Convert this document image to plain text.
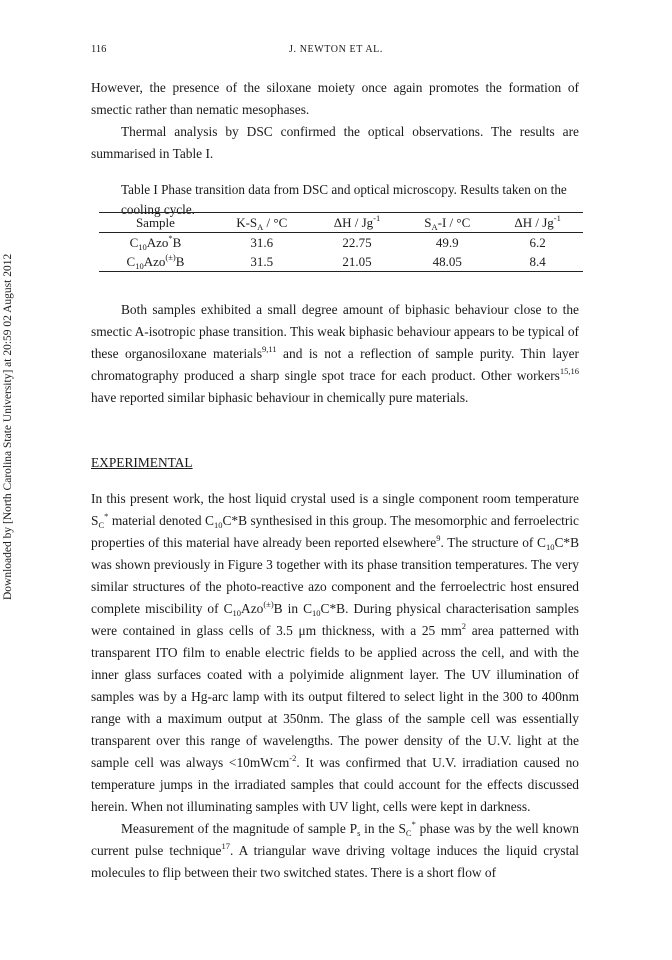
116	J. NEWTON ET AL.
Downloaded by [North Carolina State University] at 20:59 02 August 2012

However, the presence of the siloxane moiety once again promotes the formation of smectic rather than nematic mesophases.

Thermal analysis by DSC confirmed the optical observations. The results are summarised in Table I.

Table I Phase transition data from DSC and optical microscopy. Results taken on the cooling cycle.
Sample	$K-S_A / ^\circ C$	ΔH / $Jg^{-1}$	$S_A-I / ^\circ C$	ΔH / $Jg^{-1}$
$C_{10}Azo^*B$	31.6	22.75	49.9	6.2
$C_{10}Azo^{(\pm)}B$	31.5	21.05	48.05	8.4

Both samples exhibited a small degree amount of biphasic behaviour close to the smectic A-isotropic phase transition. This weak biphasic behaviour appears to be typical of these organosiloxane materials$^{9,11}$ and is not a reflection of sample purity. Thin layer chromatography produced a sharp single spot trace for each product. Other workers$^{15,16}$ have reported similar biphasic behaviour in chemically pure materials.

EXPERIMENTAL

In this present work, the host liquid crystal used is a single component room temperature $S_C^*$ material denoted $C_{10}C*B$ synthesised in this group. The mesomorphic and ferroelectric properties of this material have already been reported elsewhere$^9$. The structure of $C_{10}C*B$ was shown previously in Figure 3 together with its phase transition temperatures. The very similar structures of the photo-reactive azo component and the ferroelectric host ensured complete miscibility of $C_{10}Azo^{(\pm)}B$ in $C_{10}C*B$. During physical characterisation samples were contained in glass cells of 3.5 μm thickness, with a 25 $mm^2$ area patterned with transparent ITO film to enable electric fields to be applied across the cell, and with the inner glass surfaces coated with a polyimide alignment layer. The UV illumination of samples was by a Hg-arc lamp with its output filtered to select light in the 300 to 400nm range with a maximum output at 350nm. The glass of the sample cell was essentially transparent over this range of wavelengths. The power density of the U.V. light at the sample cell was always <10mWcm$^{-2}$. It was confirmed that U.V. irradiation caused no temperature jumps in the irradiated samples that could account for the effects discussed herein. When not illuminating samples with UV light, cells were kept in darkness.

Measurement of the magnitude of sample $P_s$ in the $S_C^*$ phase was by the well known current pulse technique$^{17}$. A triangular wave driving voltage induces the liquid crystal molecules to flip between their two switched states. There is a short flow of
